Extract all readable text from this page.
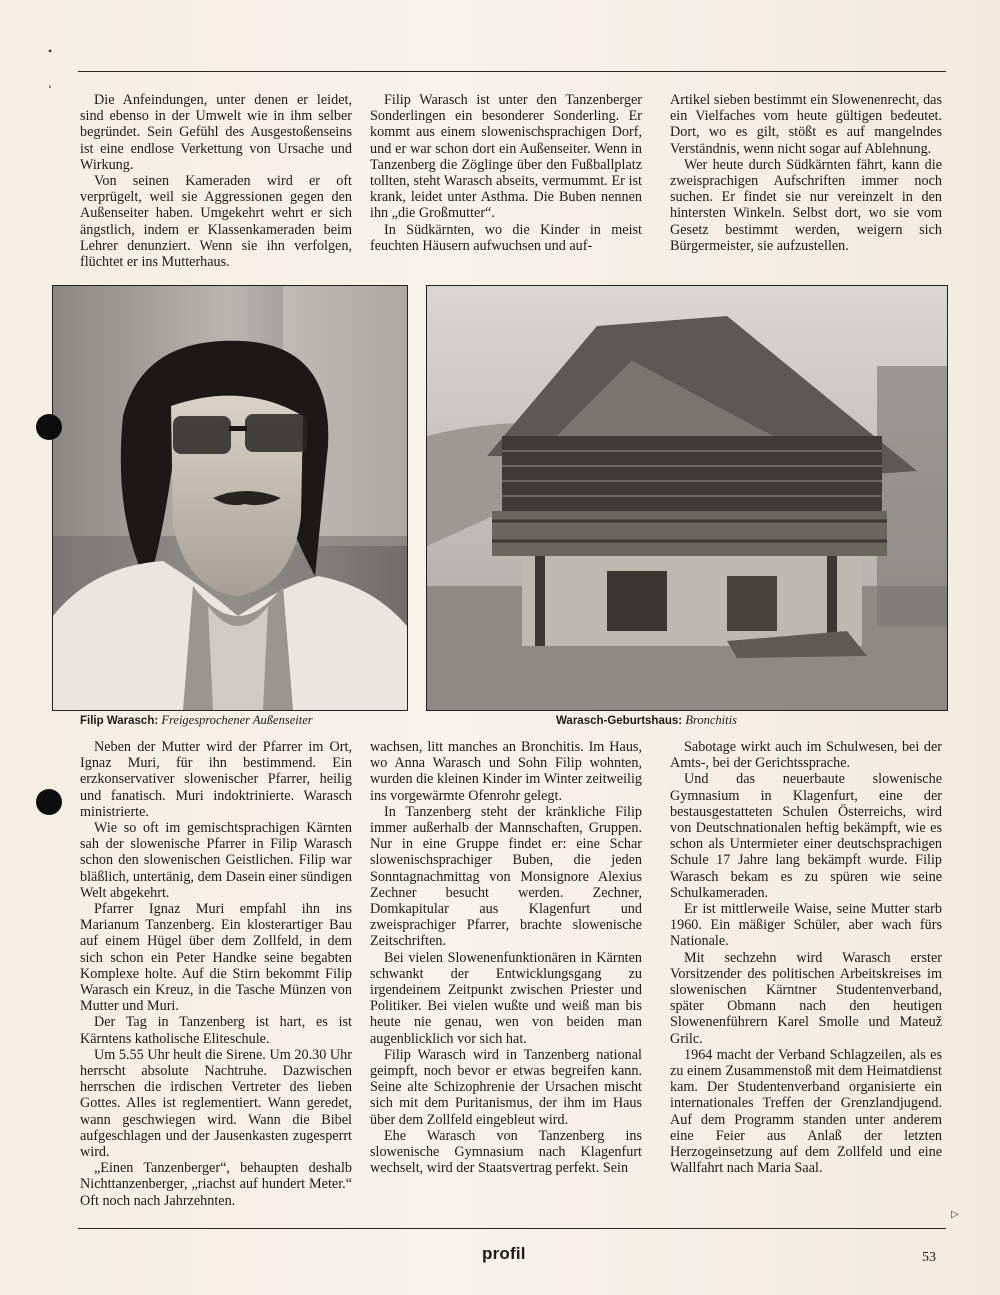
•
ʻ

Die Anfeindungen, unter denen er leidet, sind ebenso in der Umwelt wie in ihm selber begründet. Sein Gefühl des Ausgestoßenseins ist eine endlose Verkettung von Ursache und Wirkung.

Von seinen Kameraden wird er oft verprügelt, weil sie Aggressionen gegen den Außenseiter haben. Umgekehrt wehrt er sich ängstlich, indem er Klassenkameraden beim Lehrer denunziert. Wenn sie ihn verfolgen, flüchtet er ins Mutterhaus.

Filip Warasch ist unter den Tanzenberger Sonderlingen ein besonderer Sonderling. Er kommt aus einem slowenischsprachigen Dorf, und er war schon dort ein Außenseiter. Wenn in Tanzenberg die Zöglinge über den Fußballplatz tollten, steht Warasch abseits, vermummt. Er ist krank, leidet unter Asthma. Die Buben nennen ihn „die Großmutter“.

In Südkärnten, wo die Kinder in meist feuchten Häusern aufwuchsen und auf-

Artikel sieben bestimmt ein Slowenenrecht, das ein Vielfaches vom heute gültigen bedeutet. Dort, wo es gilt, stößt es auf mangelndes Verständnis, wenn nicht sogar auf Ablehnung.

Wer heute durch Südkärnten fährt, kann die zweisprachigen Aufschriften immer noch suchen. Er findet sie nur vereinzelt in den hintersten Winkeln. Selbst dort, wo sie vom Gesetz bestimmt werden, weigern sich Bürgermeister, sie aufzustellen.

Filip Warasch: Freigesprochener Außenseiter	Warasch-Geburtshaus: Bronchitis

Neben der Mutter wird der Pfarrer im Ort, Ignaz Muri, für ihn bestimmend. Ein erzkonservativer slowenischer Pfarrer, heilig und fanatisch. Muri indoktrinierte. Warasch ministrierte.

Wie so oft im gemischtsprachigen Kärnten sah der slowenische Pfarrer in Filip Warasch schon den slowenischen Geistlichen. Filip war bläßlich, untertänig, dem Dasein einer sündigen Welt abgekehrt.

Pfarrer Ignaz Muri empfahl ihn ins Marianum Tanzenberg. Ein klosterartiger Bau auf einem Hügel über dem Zollfeld, in dem sich schon ein Peter Handke seine begabten Komplexe holte. Auf die Stirn bekommt Filip Warasch ein Kreuz, in die Tasche Münzen von Mutter und Muri.

Der Tag in Tanzenberg ist hart, es ist Kärntens katholische Eliteschule.

Um 5.55 Uhr heult die Sirene. Um 20.30 Uhr herrscht absolute Nachtruhe. Dazwischen herrschen die irdischen Vertreter des lieben Gottes. Alles ist reglementiert. Wann geredet, wann geschwiegen wird. Wann die Bibel aufgeschlagen und der Jausenkasten zugesperrt wird.

„Einen Tanzenberger“, behaupten deshalb Nichttanzenberger, „riachst auf hundert Meter.“ Oft noch nach Jahrzehnten.

wachsen, litt manches an Bronchitis. Im Haus, wo Anna Warasch und Sohn Filip wohnten, wurden die kleinen Kinder im Winter zeitweilig ins vorgewärmte Ofenrohr gelegt.

In Tanzenberg steht der kränkliche Filip immer außerhalb der Mannschaften, Gruppen. Nur in eine Gruppe findet er: eine Schar slowenischsprachiger Buben, die jeden Sonntagnachmittag von Monsignore Alexius Zechner besucht werden. Zechner, Domkapitular aus Klagenfurt und zweisprachiger Pfarrer, brachte slowenische Zeitschriften.

Bei vielen Slowenenfunktionären in Kärnten schwankt der Entwicklungsgang zu irgendeinem Zeitpunkt zwischen Priester und Politiker. Bei vielen wußte und weiß man bis heute nie genau, wen von beiden man augenblicklich vor sich hat.

Filip Warasch wird in Tanzenberg national geimpft, noch bevor er etwas begreifen kann. Seine alte Schizophrenie der Ursachen mischt sich mit dem Puritanismus, der ihm im Haus über dem Zollfeld eingebleut wird.

Ehe Warasch von Tanzenberg ins slowenische Gymnasium nach Klagenfurt wechselt, wird der Staatsvertrag perfekt. Sein

Sabotage wirkt auch im Schulwesen, bei der Amts-, bei der Gerichtssprache.

Und das neuerbaute slowenische Gymnasium in Klagenfurt, eine der bestausgestatteten Schulen Österreichs, wird von Deutschnationalen heftig bekämpft, wie es schon als Untermieter einer deutschsprachigen Schule 17 Jahre lang bekämpft wurde. Filip Warasch bekam es zu spüren wie seine Schulkameraden.

Er ist mittlerweile Waise, seine Mutter starb 1960. Ein mäßiger Schüler, aber wach fürs Nationale.

Mit sechzehn wird Warasch erster Vorsitzender des politischen Arbeitskreises im slowenischen Kärntner Studentenverband, später Obmann nach den heutigen Slowenenführern Karel Smolle und Mateuž Grilc.

1964 macht der Verband Schlagzeilen, als es zu einem Zusammenstoß mit dem Heimatdienst kam. Der Studentenverband organisierte ein internationales Treffen der Grenzlandjugend. Auf dem Programm standen unter anderem eine Feier aus Anlaß der letzten Herzogeinsetzung auf dem Zollfeld und eine Wallfahrt nach Maria Saal.

▷
profil	53
